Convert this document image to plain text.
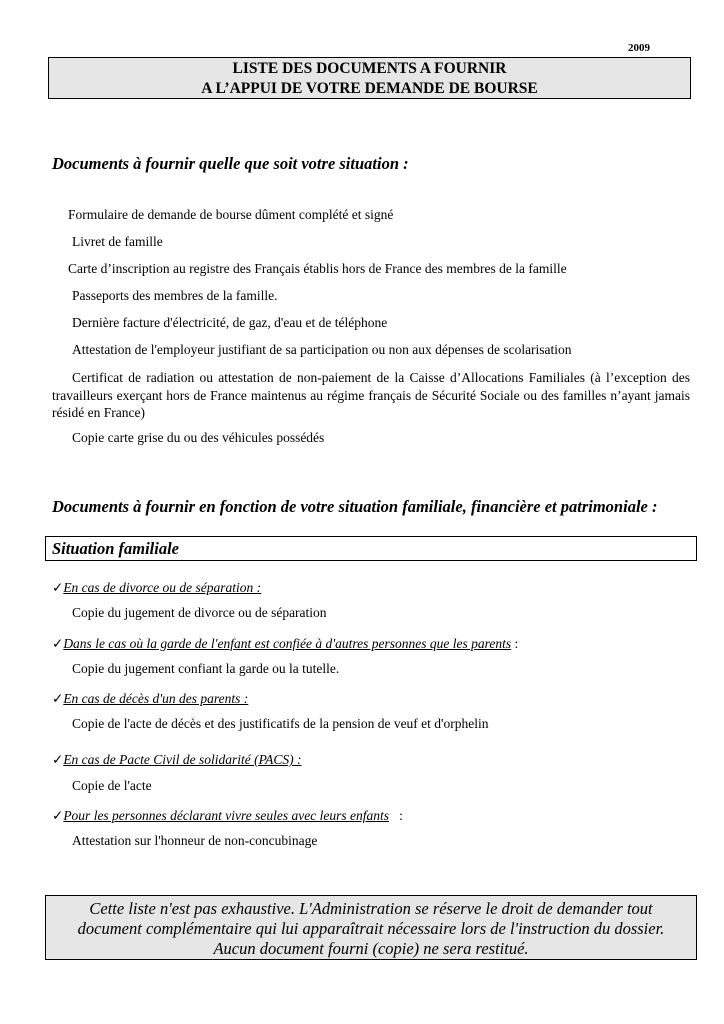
2009
LISTE DES DOCUMENTS A FOURNIR
A L’APPUI DE VOTRE DEMANDE DE BOURSE
Documents à fournir quelle que soit votre situation :
Formulaire de demande de bourse dûment complété et signé
Livret de famille
Carte d’inscription au registre des Français établis hors de France des membres de la famille
Passeports des membres de la famille.
Dernière facture d'électricité, de gaz, d'eau et de téléphone
Attestation de l'employeur justifiant de sa participation ou non aux dépenses de scolarisation
Certificat de radiation ou attestation de non-paiement de la Caisse d’Allocations Familiales (à l’exception des travailleurs exerçant hors de France maintenus au régime français de Sécurité Sociale ou des familles n’ayant jamais résidé en France)
Copie carte grise du ou des véhicules possédés
Documents à fournir en fonction de votre situation familiale, financière et patrimoniale :
Situation familiale
✓En cas de divorce ou de séparation :
Copie du jugement de divorce ou de séparation
✓Dans le cas où la garde de l'enfant est confiée à d'autres personnes que les parents :
Copie du jugement confiant la garde ou la tutelle.
✓En cas de décès d'un des parents :
Copie de l'acte de décès et des justificatifs de la pension de veuf et d'orphelin
✓En cas de Pacte Civil de solidarité (PACS) :
Copie de l'acte
✓Pour les personnes déclarant vivre seules avec leurs enfants   :
Attestation sur l'honneur de non-concubinage
Cette liste n'est pas exhaustive. L'Administration se réserve le droit de demander tout
document complémentaire qui lui apparaîtrait nécessaire lors de l'instruction du dossier.
Aucun document fourni (copie) ne sera restitué.
